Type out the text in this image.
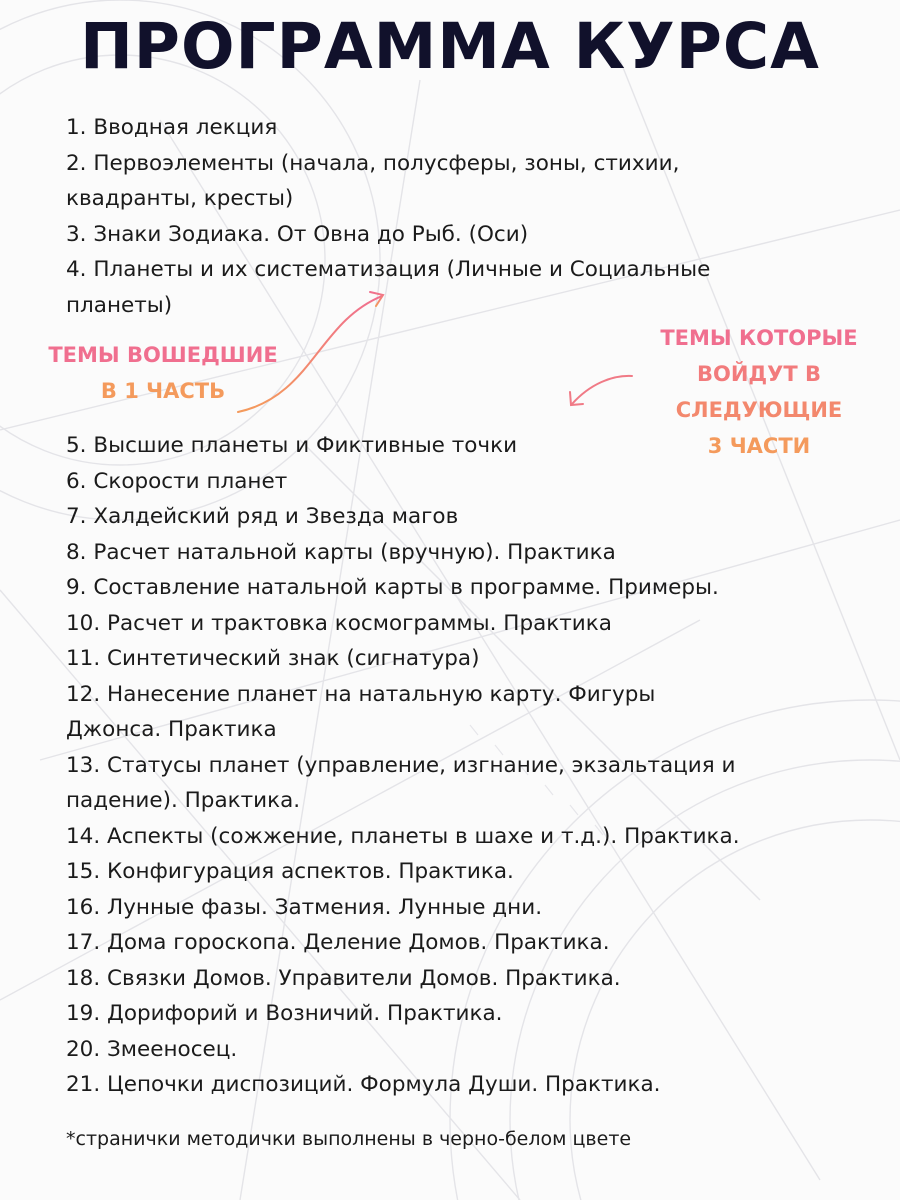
ПРОГРАММА КУРСА
1. Вводная лекция
2. Первоэлементы (начала, полусферы, зоны, стихии,
квадранты, кресты)
3. Знаки Зодиака. От Овна до Рыб. (Оси)
4. Планеты и их систематизация (Личные и Социальные
планеты)
ТЕМЫ ВОШЕДШИЕ
В 1 ЧАСТЬ
ТЕМЫ КОТОРЫЕ
ВОЙДУТ В
СЛЕДУЮЩИЕ
3 ЧАСТИ
5. Высшие планеты и Фиктивные точки
6. Скорости планет
7. Халдейский ряд и Звезда магов
8. Расчет натальной карты (вручную). Практика
9. Составление натальной карты в программе. Примеры.
10. Расчет и трактовка космограммы. Практика
11. Синтетический знак (сигнатура)
12. Нанесение планет на натальную карту. Фигуры
Джонса. Практика
13. Статусы планет (управление, изгнание, экзальтация и
падение). Практика.
14. Аспекты (сожжение, планеты в шахе и т.д.). Практика.
15. Конфигурация аспектов. Практика.
16. Лунные фазы. Затмения. Лунные дни.
17. Дома гороскопа. Деление Домов. Практика.
18. Связки Домов. Управители Домов. Практика.
19. Дорифорий и Возничий. Практика.
20. Змееносец.
21. Цепочки диспозиций. Формула Души. Практика.
*странички методички выполнены в черно-белом цвете
